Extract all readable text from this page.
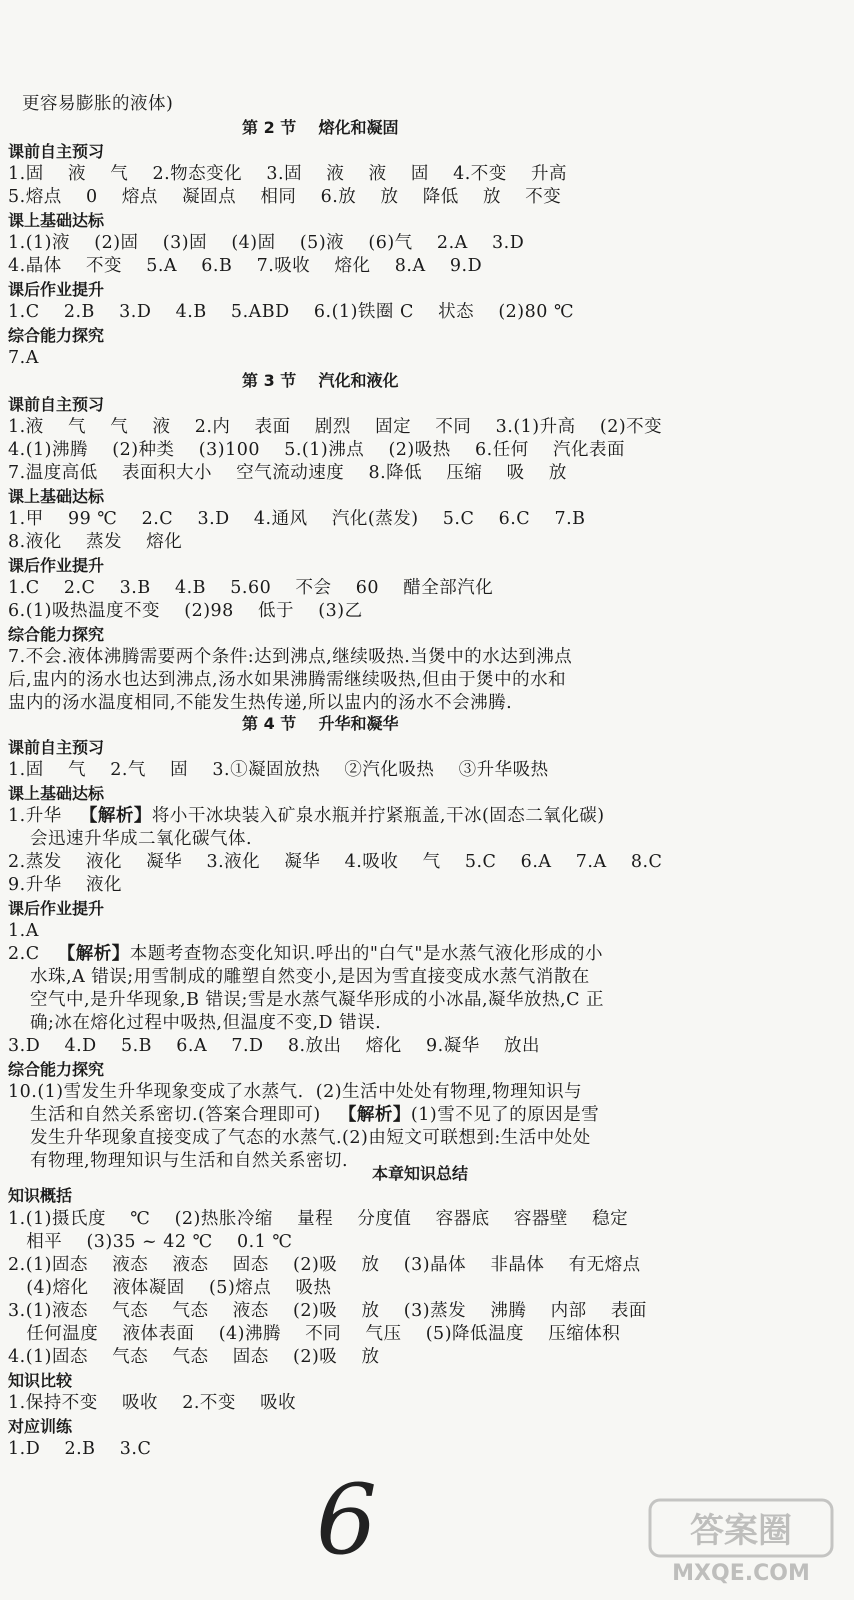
更容易膨胀的液体)
第 2 节    熔化和凝固
课前自主预习
1.固    液    气    2.物态变化    3.固    液    液    固    4.不变    升高
5.熔点    0    熔点    凝固点    相同    6.放    放    降低    放    不变
课上基础达标
1.(1)液    (2)固    (3)固    (4)固    (5)液    (6)气    2.A    3.D
4.晶体    不变    5.A    6.B    7.吸收    熔化    8.A    9.D
课后作业提升
1.C    2.B    3.D    4.B    5.ABD    6.(1)铁圈 C    状态    (2)80 ℃
综合能力探究
7.A
第 3 节    汽化和液化
课前自主预习
1.液    气    气    液    2.内    表面    剧烈    固定    不同    3.(1)升高    (2)不变
4.(1)沸腾    (2)种类    (3)100    5.(1)沸点    (2)吸热    6.任何    汽化表面
7.温度高低    表面积大小    空气流动速度    8.降低    压缩    吸    放
课上基础达标
1.甲    99 ℃    2.C    3.D    4.通风    汽化(蒸发)    5.C    6.C    7.B
8.液化    蒸发    熔化
课后作业提升
1.C    2.C    3.B    4.B    5.60    不会    60    醋全部汽化
6.(1)吸热温度不变    (2)98    低于    (3)乙
综合能力探究
7.不会.液体沸腾需要两个条件:达到沸点,继续吸热.当煲中的水达到沸点
后,盅内的汤水也达到沸点,汤水如果沸腾需继续吸热,但由于煲中的水和
盅内的汤水温度相同,不能发生热传递,所以盅内的汤水不会沸腾.
第 4 节    升华和凝华
课前自主预习
1.固    气    2.气    固    3.①凝固放热    ②汽化吸热    ③升华吸热
课上基础达标
1.升华   【解析】将小干冰块装入矿泉水瓶并拧紧瓶盖,干冰(固态二氧化碳)
会迅速升华成二氧化碳气体.
2.蒸发    液化    凝华    3.液化    凝华    4.吸收    气    5.C    6.A    7.A    8.C
9.升华    液化
课后作业提升
1.A
2.C   【解析】本题考查物态变化知识.呼出的"白气"是水蒸气液化形成的小
水珠,A 错误;用雪制成的雕塑自然变小,是因为雪直接变成水蒸气消散在
空气中,是升华现象,B 错误;雪是水蒸气凝华形成的小冰晶,凝华放热,C 正
确;冰在熔化过程中吸热,但温度不变,D 错误.
3.D    4.D    5.B    6.A    7.D    8.放出    熔化    9.凝华    放出
综合能力探究
10.(1)雪发生升华现象变成了水蒸气.  (2)生活中处处有物理,物理知识与
生活和自然关系密切.(答案合理即可)   【解析】(1)雪不见了的原因是雪
发生升华现象直接变成了气态的水蒸气.(2)由短文可联想到:生活中处处
有物理,物理知识与生活和自然关系密切.
本章知识总结
知识概括
1.(1)摄氏度    ℃    (2)热胀冷缩    量程    分度值    容器底    容器壁    稳定
相平    (3)35 ~ 42 ℃    0.1 ℃
2.(1)固态    液态    液态    固态    (2)吸    放    (3)晶体    非晶体    有无熔点
(4)熔化    液体凝固    (5)熔点    吸热
3.(1)液态    气态    气态    液态    (2)吸    放    (3)蒸发    沸腾    内部    表面
任何温度    液体表面    (4)沸腾    不同    气压    (5)降低温度    压缩体积
4.(1)固态    气态    气态    固态    (2)吸    放
知识比较
1.保持不变    吸收    2.不变    吸收
对应训练
1.D    2.B    3.C
6	答案圈
MXQE.COM
